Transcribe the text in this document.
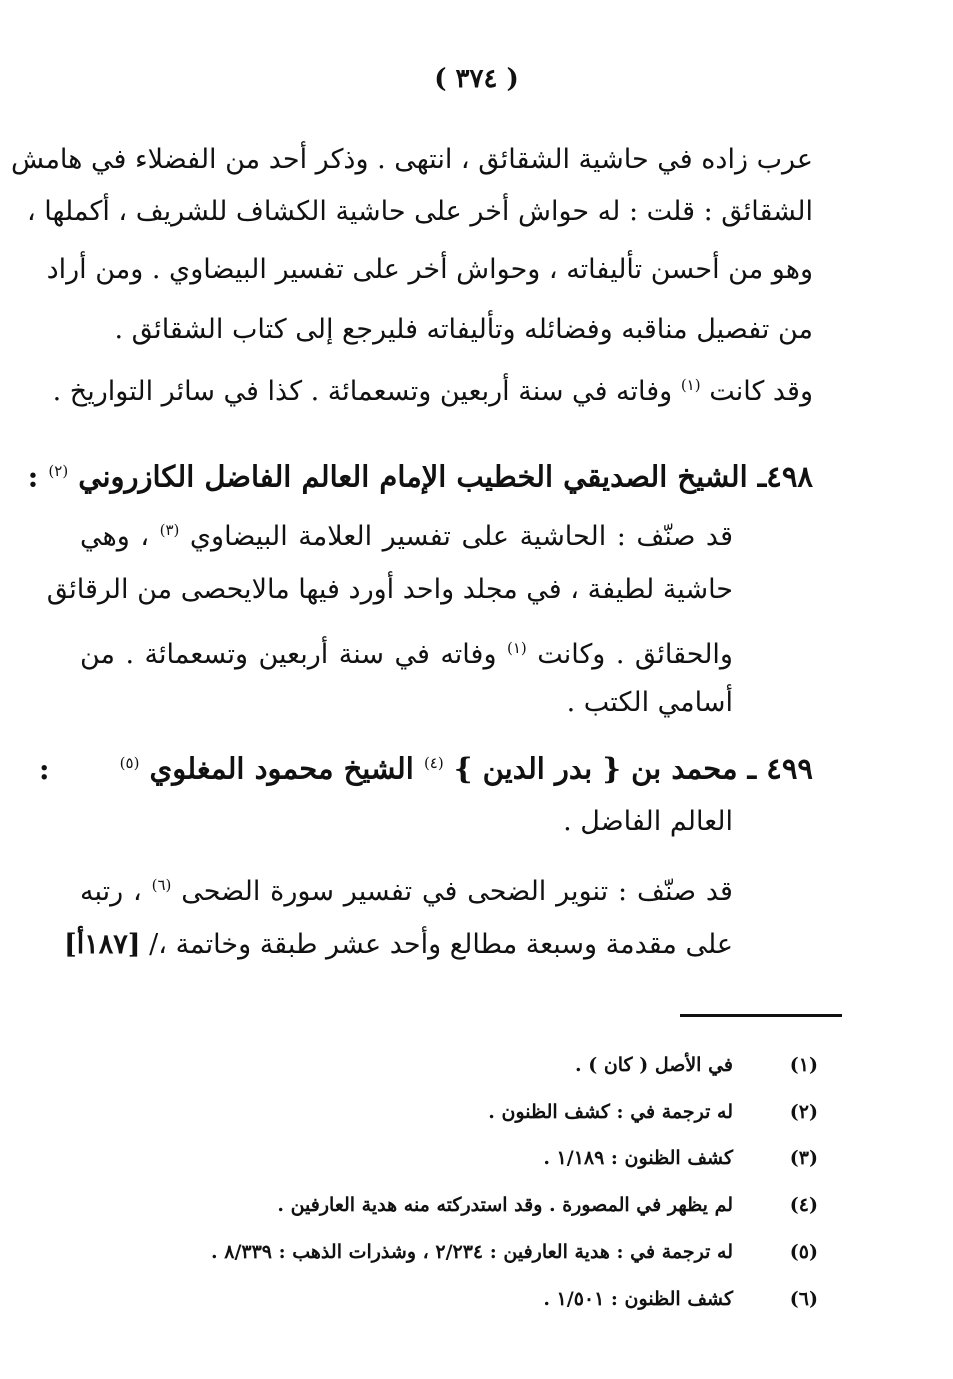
( ٣٧٤ )
عرب زاده في حاشية الشقائق ، انتهى . وذكر أحد من الفضلاء في هامش
الشقائق : قلت : له حواش أخر على حاشية الكشاف للشريف ، أكملها ،
وهو من أحسن تأليفاته ، وحواش أخر على تفسير البيضاوي . ومن أراد
من تفصيل مناقبه وفضائله وتأليفاته فليرجع إلى كتاب الشقائق .
وقد كانت $^{(١)}$ وفاته في سنة أربعين وتسعمائة . كذا في سائر التواريخ .
٤٩٨ـ الشيخ الصديقي الخطيب الإمام العالم الفاضل الكازروني $^{(٢)}$ :
قد صنّف : الحاشية على تفسير العلامة البيضاوي $^{(٣)}$ ، وهي
حاشية لطيفة ، في مجلد واحد أورد فيها مالايحصى من الرقائق
والحقائق . وكانت $^{(١)}$ وفاته في سنة أربعين وتسعمائة . من
أسامي الكتب .
٤٩٩ ـ محمد بن { بدر الدين } $^{(٤)}$ الشيخ محمود المغلوي $^{(٥)}$ :
العالم الفاضل .
قد صنّف : تنوير الضحى في تفسير سورة الضحى $^{(٦)}$ ، رتبه
على مقدمة وسبعة مطالع وأحد عشر طبقة وخاتمة ،/ [١٨٧أ]
(١)في الأصل ( كان ) .
(٢)له ترجمة في : كشف الظنون .
(٣)كشف الظنون : ١/١٨٩ .
(٤)لم يظهر في المصورة . وقد استدركته منه هدية العارفين .
(٥)له ترجمة في : هدية العارفين : ٢/٢٣٤ ، وشذرات الذهب : ٨/٣٣٩ .
(٦)كشف الظنون : ١/٥٠١ .
